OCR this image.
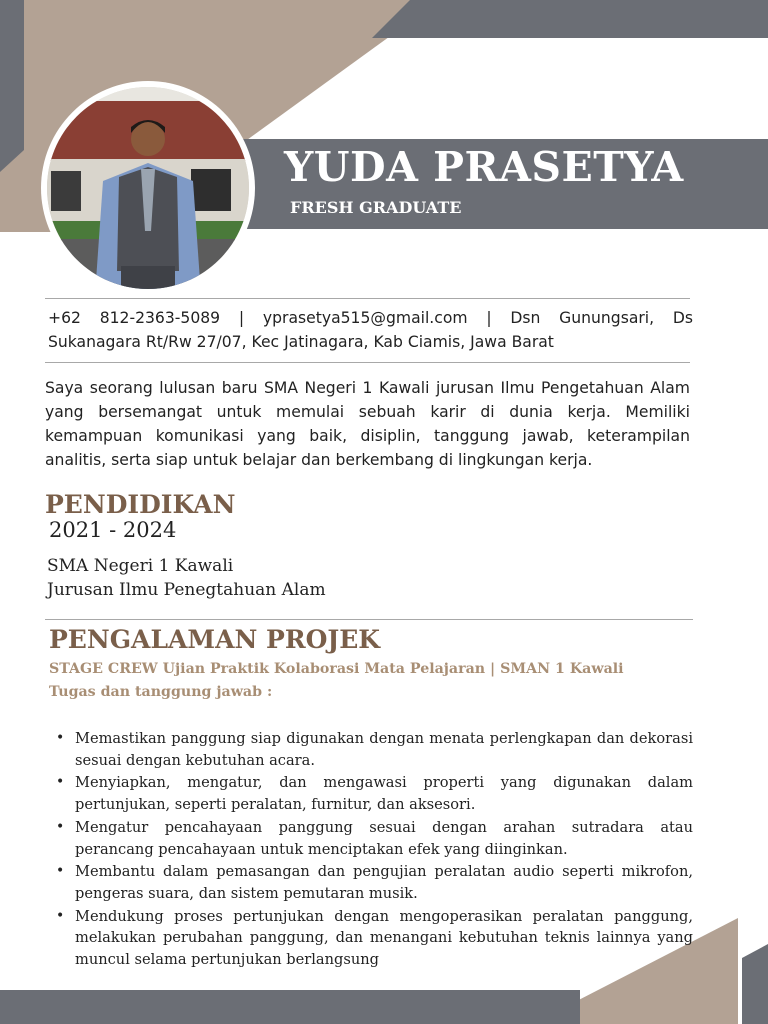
YUDA PRASETYA
FRESH GRADUATE

+62 812-2363-5089 | yprasetya515@gmail.com | Dsn Gunungsari, Ds Sukanagara Rt/Rw 27/07, Kec Jatinagara, Kab Ciamis, Jawa Barat

Saya seorang lulusan baru SMA Negeri 1 Kawali jurusan Ilmu Pengetahuan Alam yang bersemangat untuk memulai sebuah karir di dunia kerja. Memiliki kemampuan komunikasi yang baik, disiplin, tanggung jawab, keterampilan analitis, serta siap untuk belajar dan berkembang di lingkungan kerja.

PENDIDIKAN

2021 - 2024

SMA Negeri 1 Kawali

Jurusan Ilmu Penegtahuan Alam

PENGALAMAN PROJEK

STAGE CREW Ujian Praktik Kolaborasi Mata Pelajaran | SMAN 1 Kawali

Tugas dan tanggung jawab :

• Memastikan panggung siap digunakan dengan menata perlengkapan dan dekorasi sesuai dengan kebutuhan acara.
• Menyiapkan, mengatur, dan mengawasi properti yang digunakan dalam pertunjukan, seperti peralatan, furnitur, dan aksesori.
• Mengatur pencahayaan panggung sesuai dengan arahan sutradara atau perancang pencahayaan untuk menciptakan efek yang diinginkan.
• Membantu dalam pemasangan dan pengujian peralatan audio seperti mikrofon, pengeras suara, dan sistem pemutaran musik.
• Mendukung proses pertunjukan dengan mengoperasikan peralatan panggung, melakukan perubahan panggung, dan menangani kebutuhan teknis lainnya yang muncul selama pertunjukan berlangsung
